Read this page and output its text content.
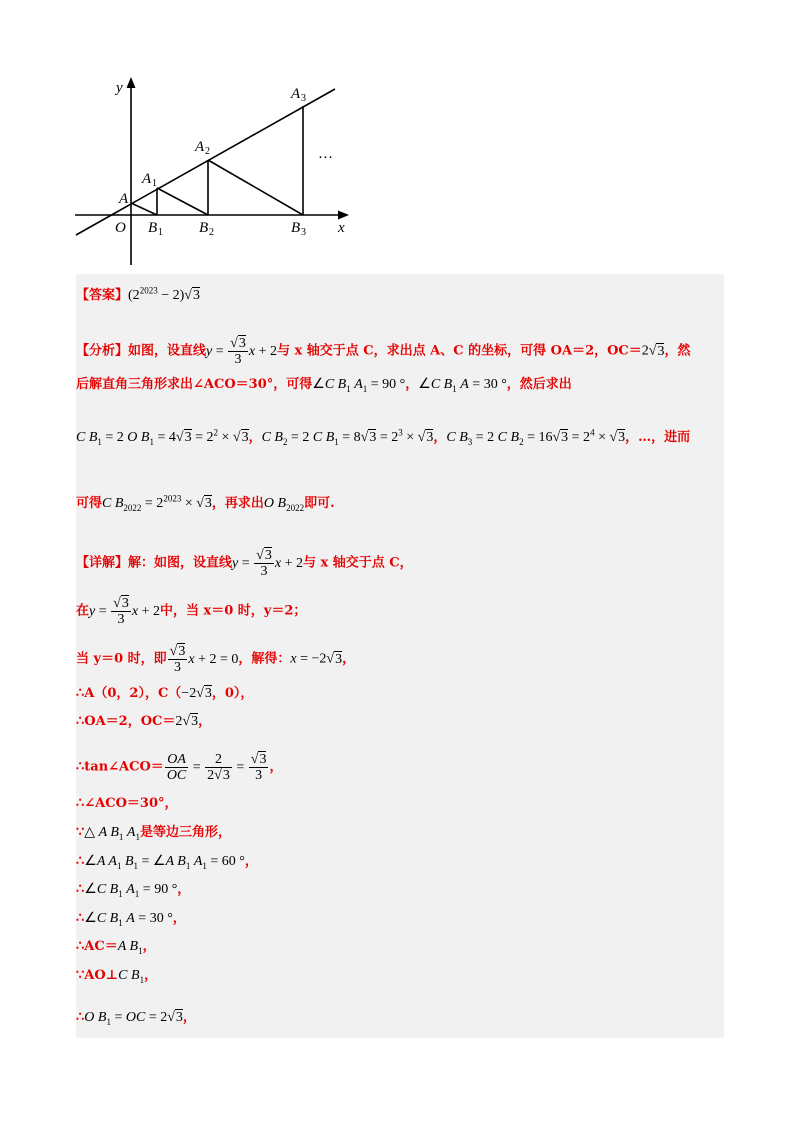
y
x
O
A
A 1
A 2
A 3
B 1 B 2	B 3
…
【答案】$(2^{2023} - 2)√3$
【分析】如图，设直线$y = \frac{√3}{3}$ x + 2与 x 轴交于点 C，求出点 A、C 的坐标，可得 OA＝2，OC＝2√3，然
后解直角三角形求出∠ACO＝30°，可得∠C $B_1$ $A_1 = 90$ °，∠C $B_1$ A = 30 °，然后求出
C $B_1 = 2$ O $B_1 = 4√3 = 2^2 \times √3$，C $B_2 = 2$ C $B_1 = 8√3 = 2^3 \times √3$，C $B_3 = 2$ C $B_2 = 16√3 = 2^4 \times √3$，…，进而
可得C $B_{2022} = 2^{2023} \times √3$，再求出O $B_{2022}$即可.
【详解】解：如图，设直线$y = \frac{√3}{3}$ x + 2与 x 轴交于点 C，
在$y = \frac{√3}{3}$ x + 2中，当 x＝0 时，y＝2；
当 y＝0 时，即 $\frac{√3}{3}$ x + 2 = 0，解得：x = −2√3，
∴A（0，2），C（−2√3，0），
∴OA＝2，OC＝2√3，
∴tan∠ACO＝ $\frac{OA}{OC} = \frac{2}{2√3} = \frac{√3}{3}$ ，
∴∠ACO＝30°，
∵△ A $B_1$ $A_1$是等边三角形，
∴∠A $A_1$ $B_1$ = ∠A $B_1$ $A_1 = 60$ °，
∴∠C $B_1$ $A_1 = 90$ °，
∴∠C $B_1$ A = 30 °，
∴AC＝A $B_1$，
∵AO⊥C $B_1$，
∴O $B_1$ = OC = 2√3，
